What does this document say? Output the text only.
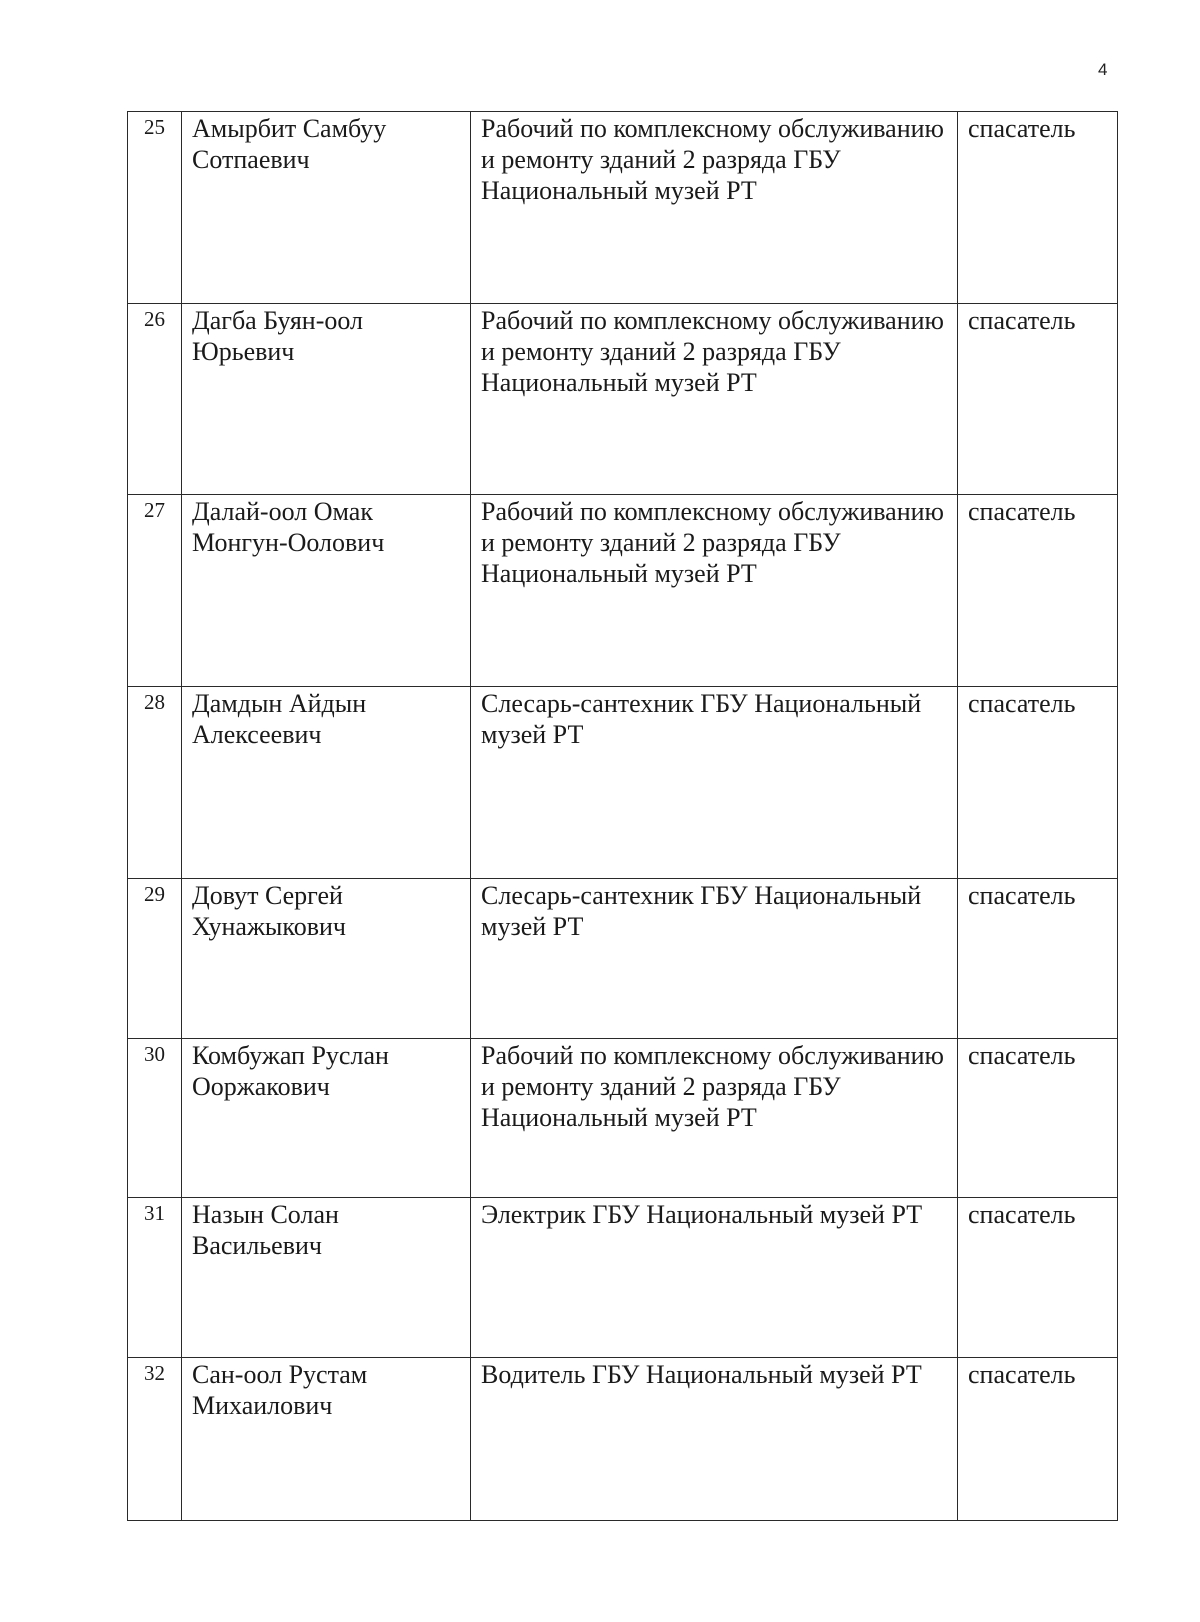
4
25	Амырбит Самбуу Сотпаевич	Рабочий по комплексному обслуживанию и ремонту зданий 2 разряда ГБУ Национальный музей РТ	спасатель
26	Дагба Буян-оол Юрьевич	Рабочий по комплексному обслуживанию и ремонту зданий 2 разряда ГБУ Национальный музей РТ	спасатель
27	Далай-оол Омак Монгун-Оолович	Рабочий по комплексному обслуживанию и ремонту зданий 2 разряда ГБУ Национальный музей РТ	спасатель
28	Дамдын Айдын Алексеевич	Слесарь-сантехник ГБУ Национальный музей РТ	спасатель
29	Довут Сергей Хунажыкович	Слесарь-сантехник ГБУ Национальный музей РТ	спасатель
30	Комбужап Руслан Ооржакович	Рабочий по комплексному обслуживанию и ремонту зданий 2 разряда ГБУ Национальный музей РТ	спасатель
31	Назын Солан Васильевич	Электрик ГБУ Национальный музей РТ	спасатель
32	Сан-оол Рустам Михаилович	Водитель ГБУ Национальный музей РТ	спасатель
